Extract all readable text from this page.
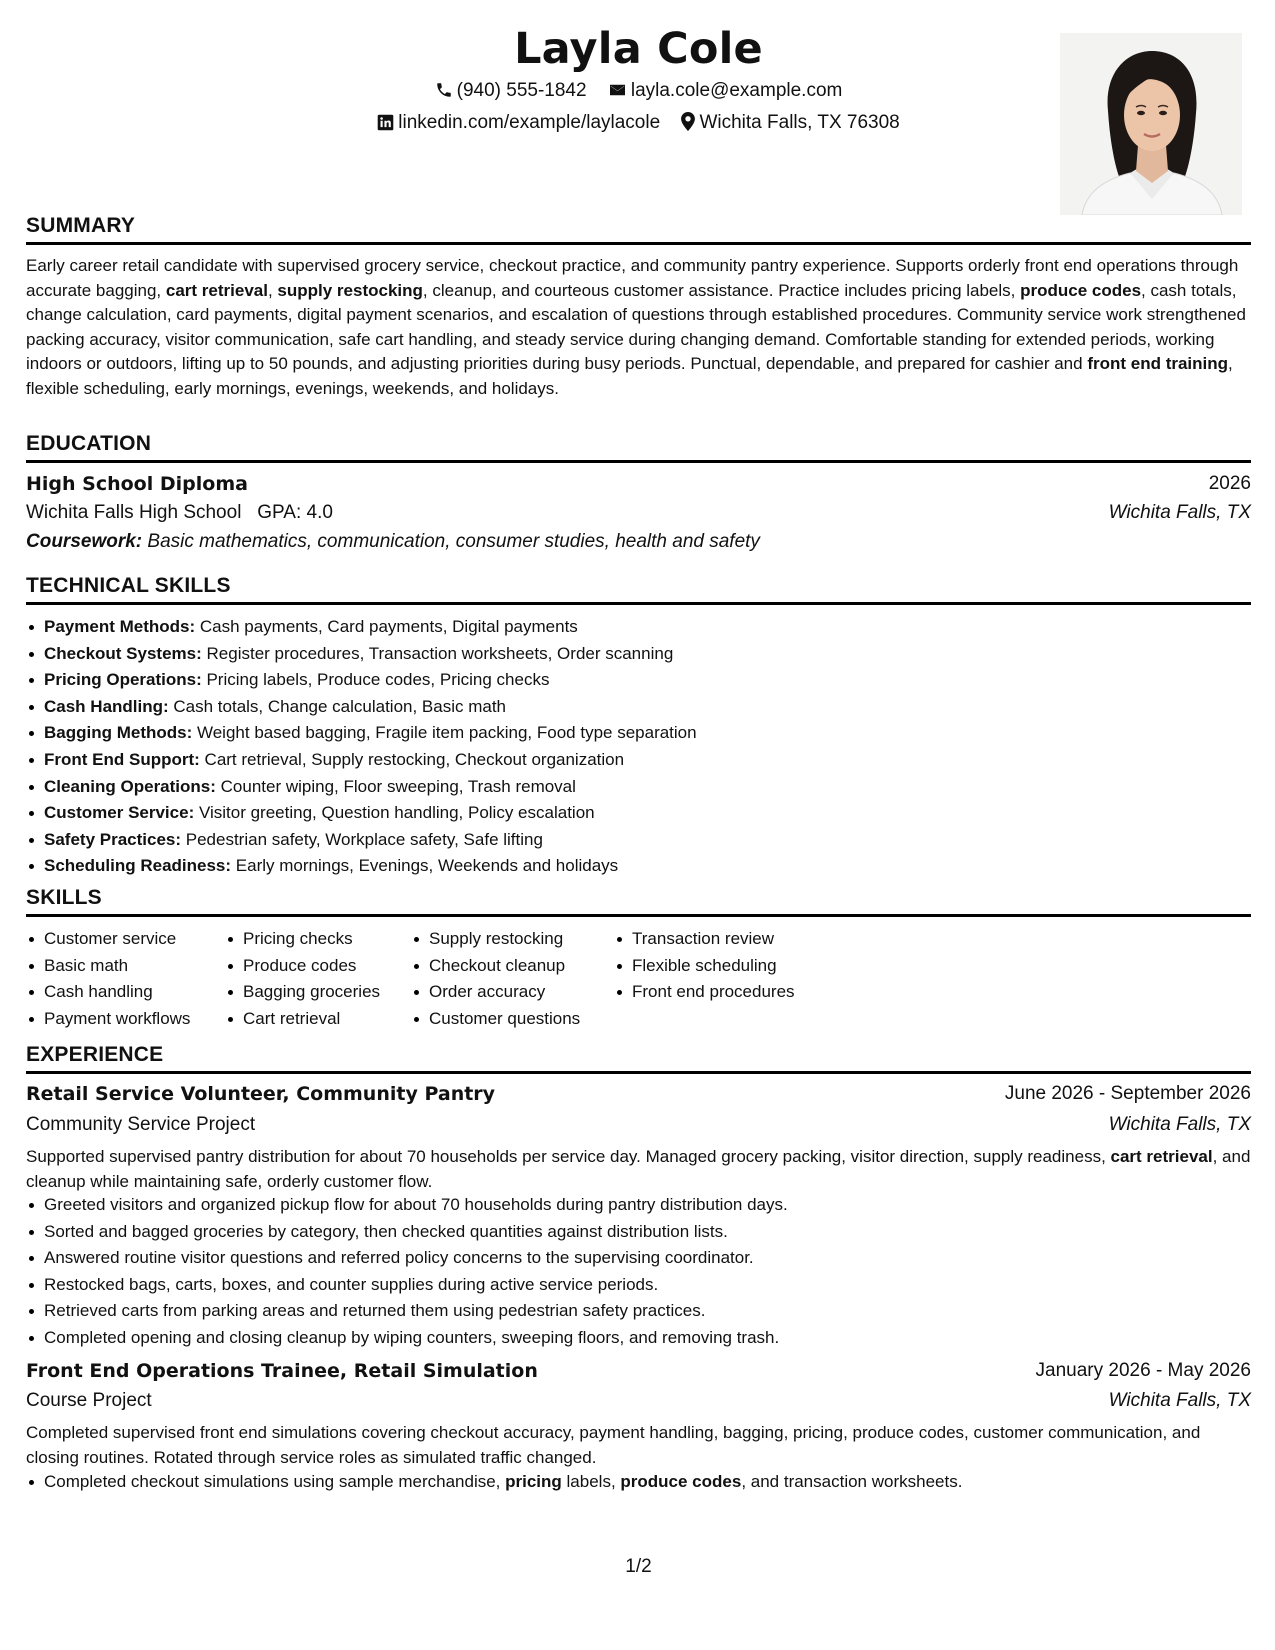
Layla Cole
(940) 555-1842 layla.cole@example.com
linkedin.com/example/laylacole Wichita Falls, TX 76308
SUMMARY
Early career retail candidate with supervised grocery service, checkout practice, and community pantry experience. Supports orderly front end operations through accurate bagging, cart retrieval, supply restocking, cleanup, and courteous customer assistance. Practice includes pricing labels, produce codes, cash totals, change calculation, card payments, digital payment scenarios, and escalation of questions through established procedures. Community service work strengthened packing accuracy, visitor communication, safe cart handling, and steady service during changing demand. Comfortable standing for extended periods, working indoors or outdoors, lifting up to 50 pounds, and adjusting priorities during busy periods. Punctual, dependable, and prepared for cashier and front end training, flexible scheduling, early mornings, evenings, weekends, and holidays.
EDUCATION
High School Diploma	2026
Wichita Falls High School GPA: 4.0	Wichita Falls, TX
Coursework: Basic mathematics, communication, consumer studies, health and safety
TECHNICAL SKILLS
Payment Methods: Cash payments, Card payments, Digital payments
Checkout Systems: Register procedures, Transaction worksheets, Order scanning
Pricing Operations: Pricing labels, Produce codes, Pricing checks
Cash Handling: Cash totals, Change calculation, Basic math
Bagging Methods: Weight based bagging, Fragile item packing, Food type separation
Front End Support: Cart retrieval, Supply restocking, Checkout organization
Cleaning Operations: Counter wiping, Floor sweeping, Trash removal
Customer Service: Visitor greeting, Question handling, Policy escalation
Safety Practices: Pedestrian safety, Workplace safety, Safe lifting
Scheduling Readiness: Early mornings, Evenings, Weekends and holidays
SKILLS
Customer service
Basic math
Cash handling
Payment workflows
Pricing checks
Produce codes
Bagging groceries
Cart retrieval
Supply restocking
Checkout cleanup
Order accuracy
Customer questions
Transaction review
Flexible scheduling
Front end procedures
EXPERIENCE
Retail Service Volunteer, Community Pantry	June 2026 - September 2026
Community Service Project	Wichita Falls, TX
Supported supervised pantry distribution for about 70 households per service day. Managed grocery packing, visitor direction, supply readiness, cart retrieval, and cleanup while maintaining safe, orderly customer flow.
Greeted visitors and organized pickup flow for about 70 households during pantry distribution days.
Sorted and bagged groceries by category, then checked quantities against distribution lists.
Answered routine visitor questions and referred policy concerns to the supervising coordinator.
Restocked bags, carts, boxes, and counter supplies during active service periods.
Retrieved carts from parking areas and returned them using pedestrian safety practices.
Completed opening and closing cleanup by wiping counters, sweeping floors, and removing trash.
Front End Operations Trainee, Retail Simulation	January 2026 - May 2026
Course Project	Wichita Falls, TX
Completed supervised front end simulations covering checkout accuracy, payment handling, bagging, pricing, produce codes, customer communication, and closing routines. Rotated through service roles as simulated traffic changed.
Completed checkout simulations using sample merchandise, pricing labels, produce codes, and transaction worksheets.
1/2
